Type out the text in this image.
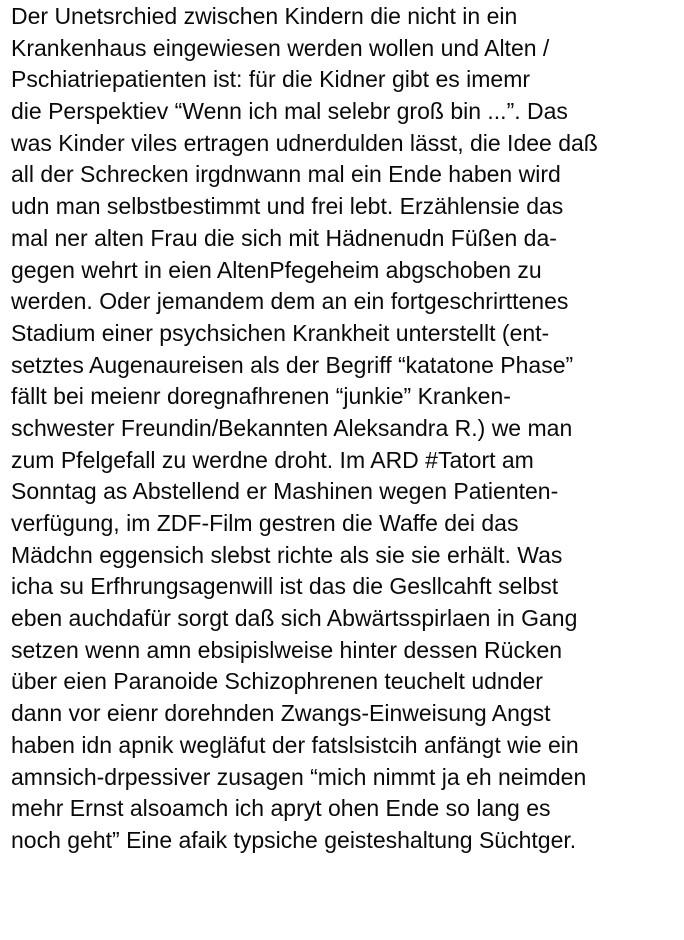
Der Unetsrchied zwischen Kindern die nicht in ein
Krankenhaus eingewiesen werden wollen und Alten /
Pschiatriepatienten ist: für die Kidner gibt es imemr
die Perspektiev “Wenn ich mal selebr groß bin ...”. Das
was Kinder viles ertragen udnerdulden lässt, die Idee daß
all der Schrecken irgdnwann mal ein Ende haben wird
udn man selbstbestimmt und frei lebt. Erzählensie das
mal ner alten Frau die sich mit Hädnenudn Füßen da-
gegen wehrt in eien AltenPfegeheim abgschoben zu
werden. Oder jemandem dem an ein fortgeschrirttenes
Stadium einer psychsichen Krankheit unterstellt (ent-
setztes Augenaureisen als der Begriff “katatone Phase”
fällt bei meienr doregnafhrenen “junkie” Kranken-
schwester Freundin/Bekannten Aleksandra R.) we man
zum Pfelgefall zu werdne droht. Im ARD #Tatort am
Sonntag as Abstellend er Mashinen wegen Patienten-
verfügung, im ZDF-Film gestren die Waffe dei das
Mädchn eggensich slebst richte als sie sie erhält. Was
icha su Erfhrungsagenwill ist das die Gesllcahft selbst
eben auchdafür sorgt daß sich Abwärtsspirlaen in Gang
setzen wenn amn ebsipislweise hinter dessen Rücken
über eien Paranoide Schizophrenen teuchelt udnder
dann vor eienr dorehnden Zwangs-Einweisung Angst
haben idn apnik wegläfut der fatslsistcih anfängt wie ein
amnsich-drpessiver zusagen “mich nimmt ja eh neimden
mehr Ernst alsoamch ich apryt ohen Ende so lang es
noch geht” Eine afaik typsiche geisteshaltung Süchtger.
